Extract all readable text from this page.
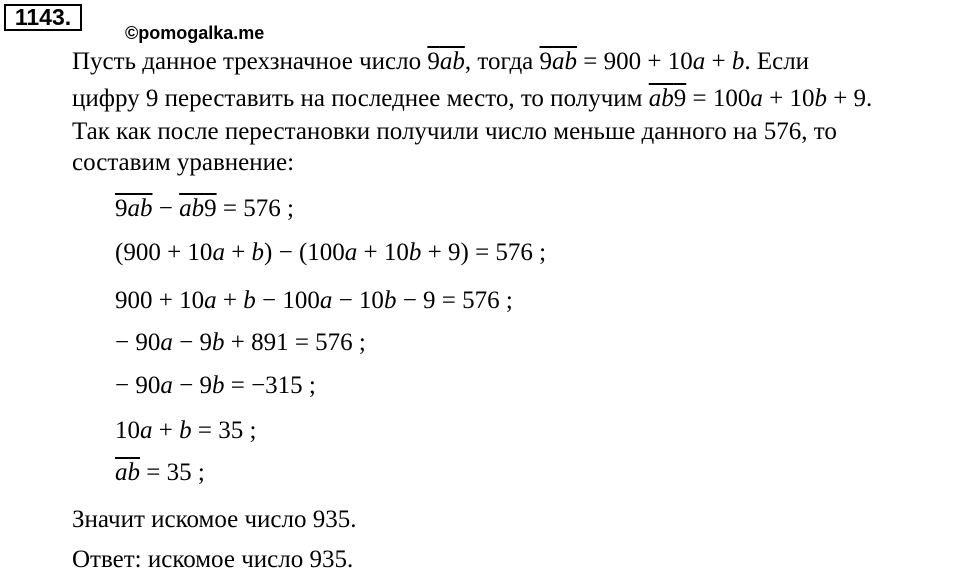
1143.
©pomogalka.me
Пусть данное трехзначное число 9ab, тогда 9ab = 900 + 10a + b. Если
цифру 9 переставить на последнее место, то получим ab9 = 100a + 10b + 9.
Так как после перестановки получили число меньше данного на 576, то
составим уравнение:
9ab − ab9 = 576 ;
(900 + 10a + b) − (100a + 10b + 9) = 576 ;
900 + 10a + b − 100a − 10b − 9 = 576 ;
− 90a − 9b + 891 = 576 ;
− 90a − 9b = −315 ;
10a + b = 35 ;
$\overline{ab} = 35$ ;
Значит искомое число 935.
Ответ: искомое число 935.
